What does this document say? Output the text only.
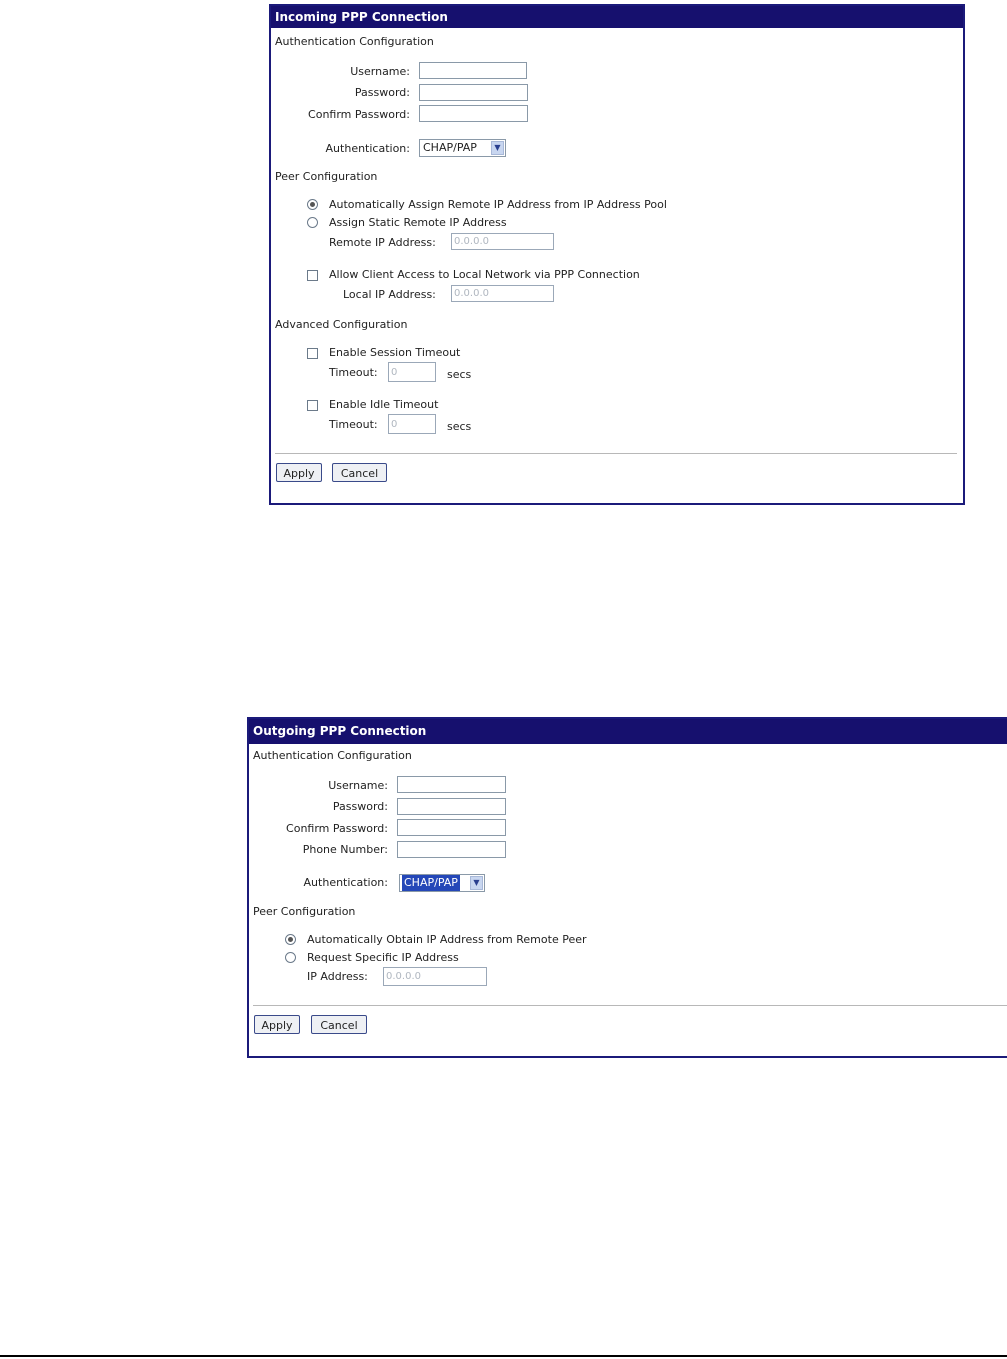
Incoming PPP Connection
Authentication Configuration
Username:
Password:
Confirm Password:
Authentication: CHAP/PAP	▼
Peer Configuration
Automatically Assign Remote IP Address from IP Address Pool
Assign Static Remote IP Address
Remote IP Address:
0.0.0.0
Allow Client Access to Local Network via PPP Connection
Local IP Address:
0.0.0.0
Advanced Configuration
Enable Session Timeout
Timeout:
0	secs
Enable Idle Timeout
Timeout:
0	secs
Apply	Cancel
Outgoing PPP Connection
Authentication Configuration
Username:
Password:
Confirm Password:
Phone Number:
Authentication: CHAP/PAP	▼
Peer Configuration
Automatically Obtain IP Address from Remote Peer
Request Specific IP Address
IP Address:
0.0.0.0
Apply	Cancel
